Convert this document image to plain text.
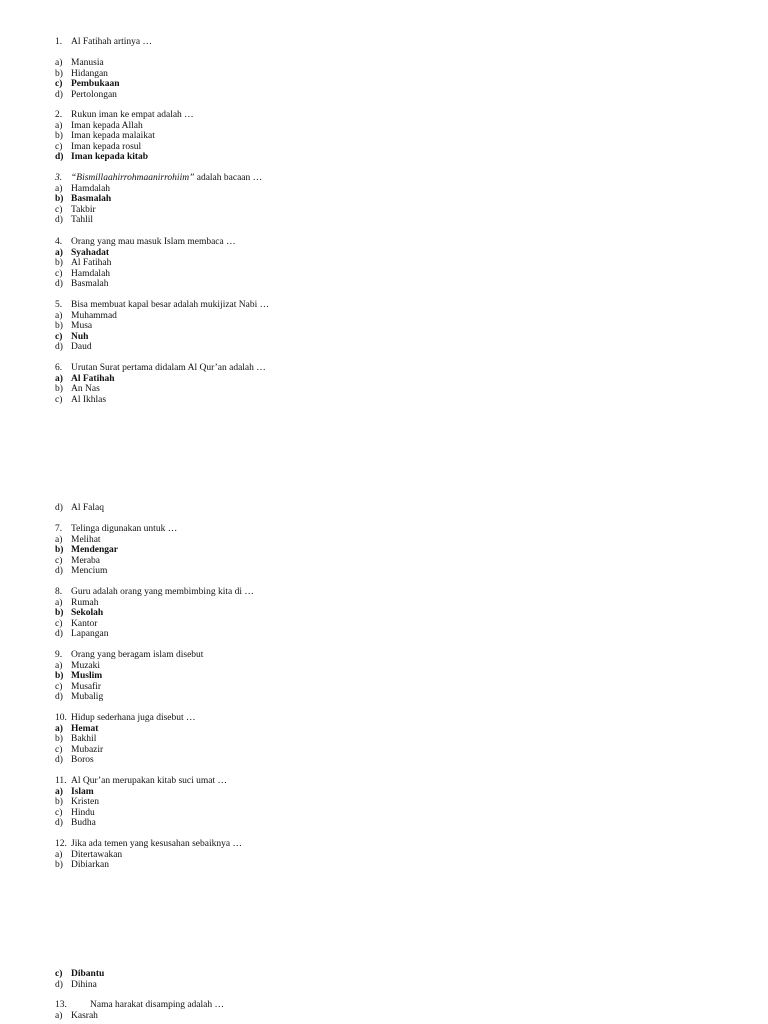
1. Al Fatihah artinya …
a) Manusia
b) Hidangan
c) Pembukaan
d) Pertolongan
2. Rukun iman ke empat adalah …
a) Iman kepada Allah
b) Iman kepada malaikat
c) Iman kepada rosul
d) Iman kepada kitab
3. “Bismillaahirrohmaanirrohiim” adalah bacaan …
a) Hamdalah
b) Basmalah
c) Takbir
d) Tahlil
4. Orang yang mau masuk Islam membaca …
a) Syahadat
b) Al Fatihah
c) Hamdalah
d) Basmalah
5. Bisa membuat kapal besar adalah mukijizat Nabi …
a) Muhammad
b) Musa
c) Nuh
d) Daud
6. Urutan Surat pertama didalam Al Qur’an adalah …
a) Al Fatihah
b) An Nas
c) Al Ikhlas
d) Al Falaq
7. Telinga digunakan untuk …
a) Melihat
b) Mendengar
c) Meraba
d) Mencium
8. Guru adalah orang yang membimbing kita di …
a) Rumah
b) Sekolah
c) Kantor
d) Lapangan
9. Orang yang beragam islam disebut
a) Muzaki
b) Muslim
c) Musafir
d) Mubalig
10. Hidup sederhana juga disebut …
a) Hemat
b) Bakhil
c) Mubazir
d) Boros
11. Al Qur’an merupakan kitab suci umat …
a) Islam
b) Kristen
c) Hindu
d) Budha
12. Jika ada temen yang kesusahan sebaiknya …
a) Ditertawakan
b) Dibiarkan
c) Dibantu
d) Dihina
13. Nama harakat disamping adalah …
a) Kasrah
